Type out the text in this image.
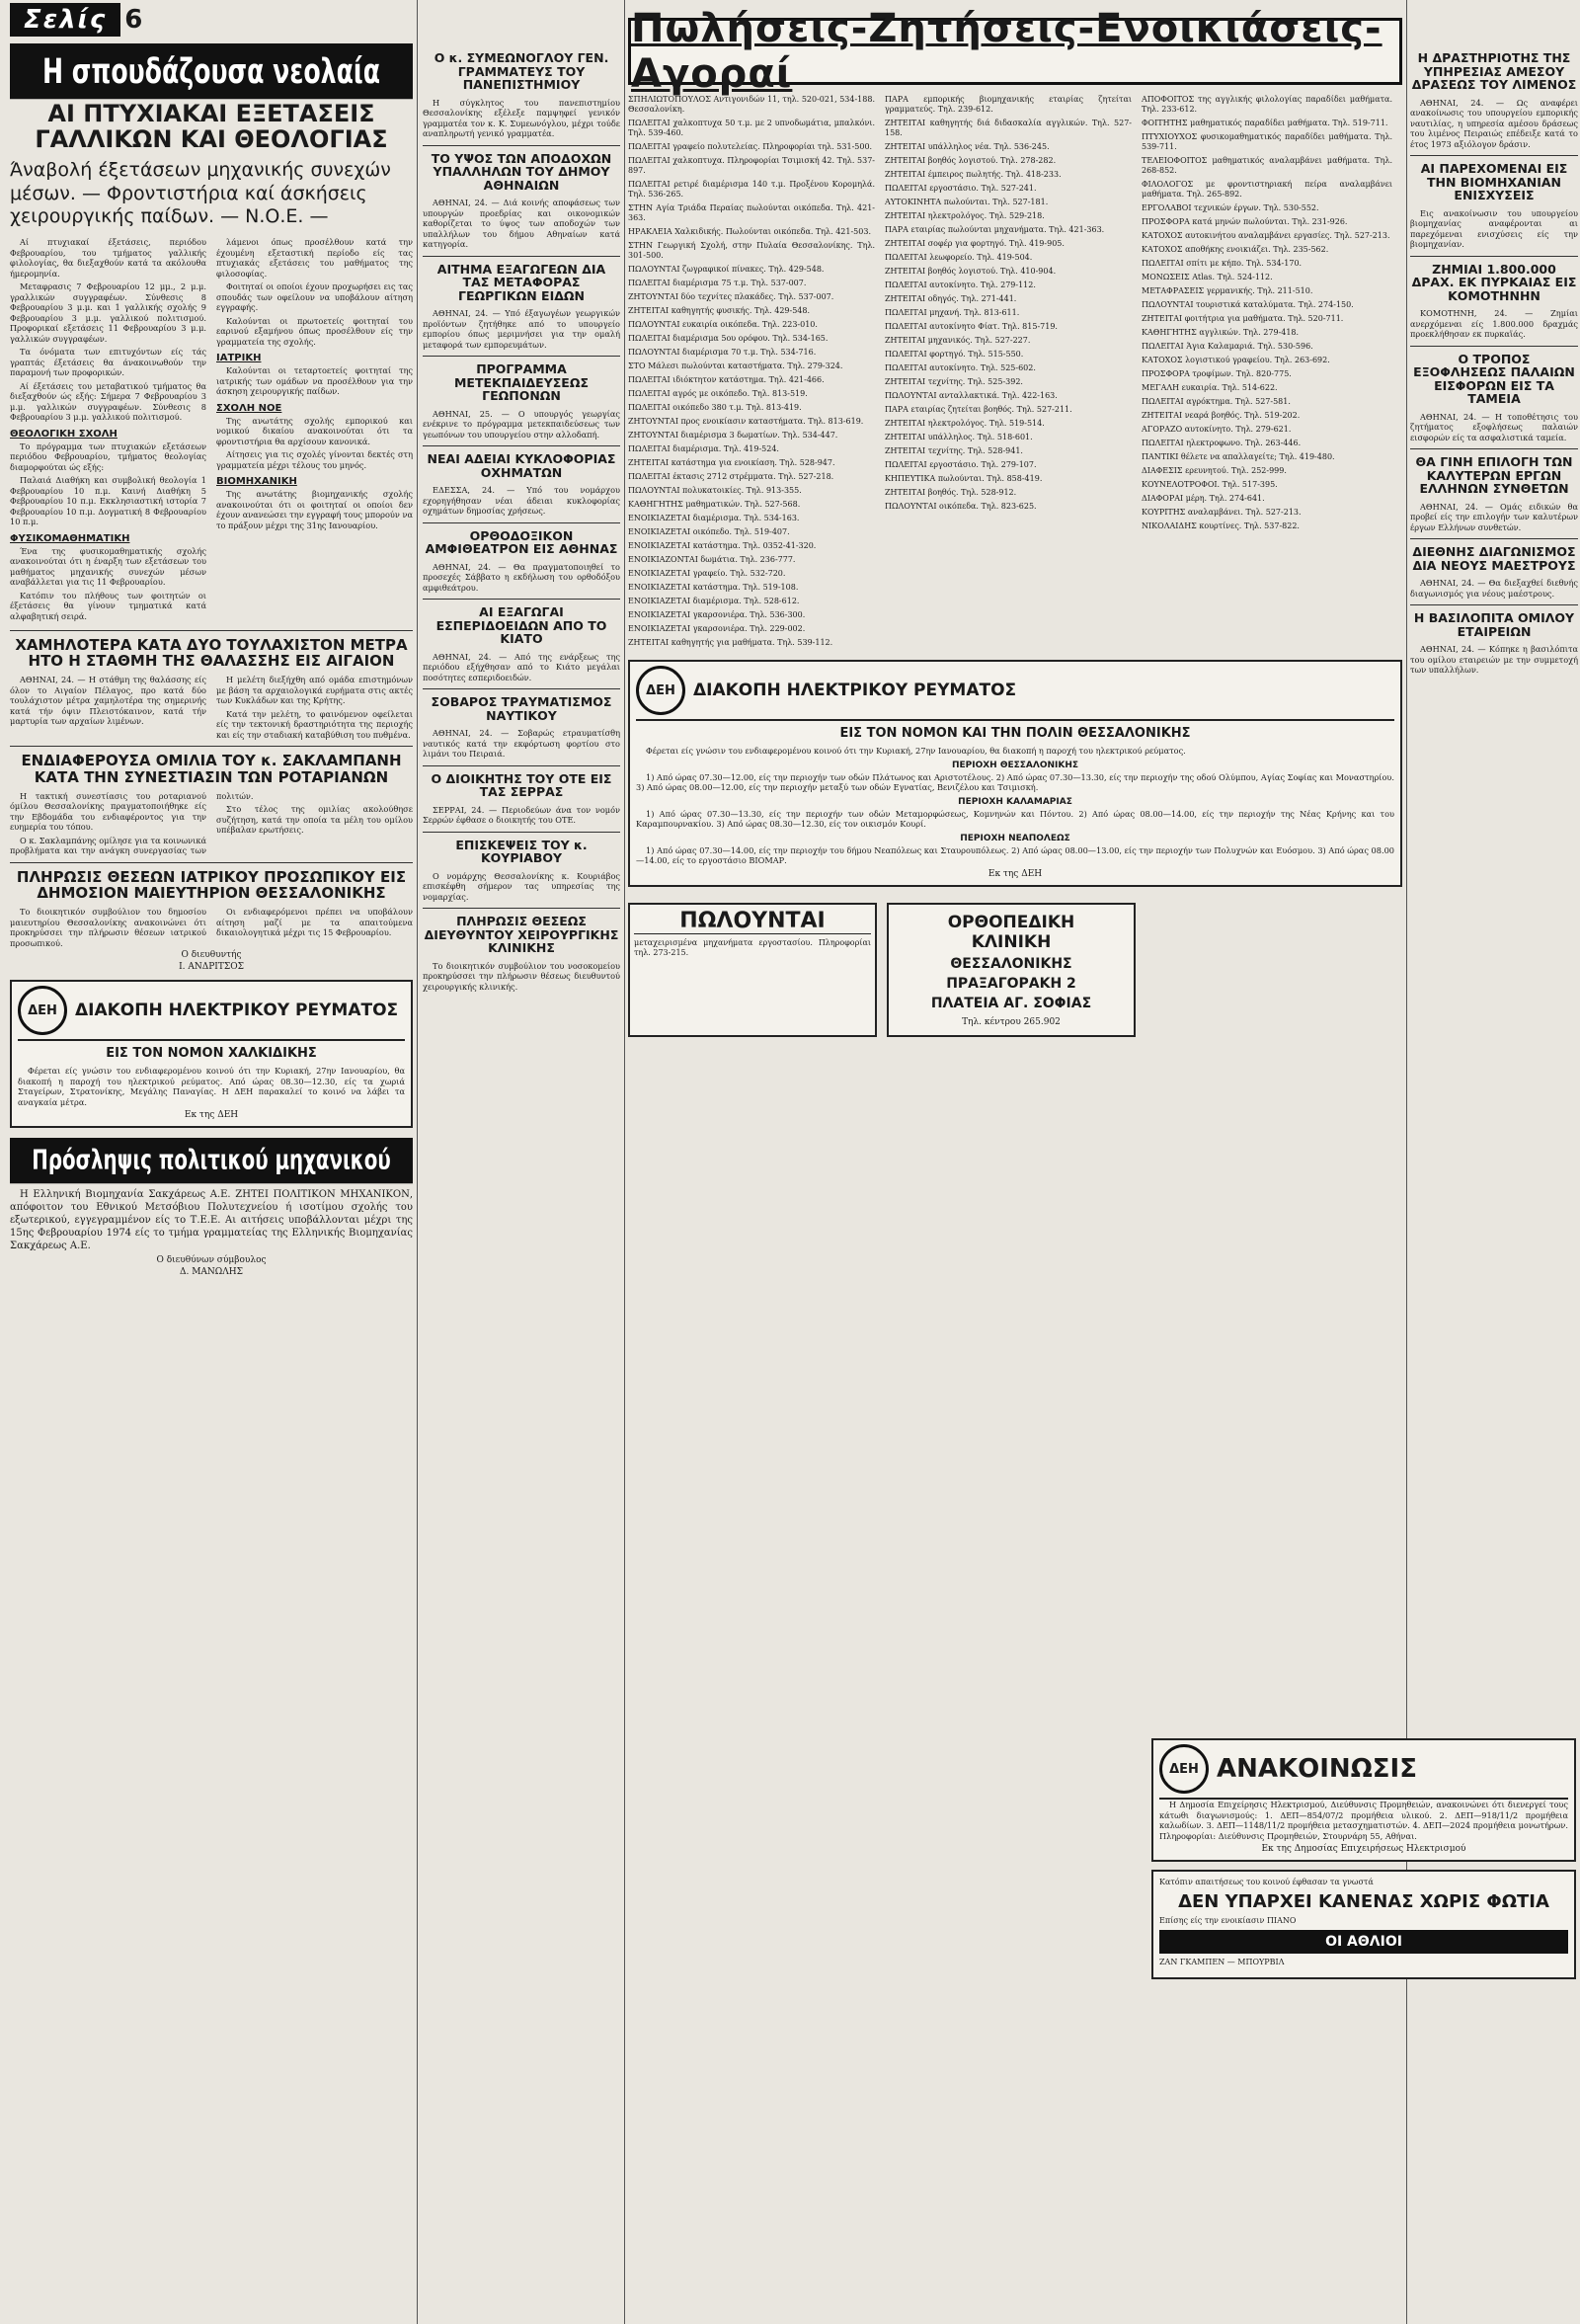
Σελίς 6
Η σπουδάζουσα νεολαία
ΑΙ ΠΤΥΧΙΑΚΑΙ ΕΞΕΤΑΣΕΙΣ ΓΑΛΛΙΚΩΝ ΚΑΙ ΘΕΟΛΟΓΙΑΣ
Άναβολή έξετάσεων μηχανικής συνεχών μέσων. — Φροντιστήρια καί άσκήσεις χειρουργικής παίδων. — Ν.Ο.Ε. —

Αί πτυχιακαί έξετάσεις, περιόδου Φεβρουαρίου, του τμήματος γαλλικής φιλολογίας, θα διεξαχθούν κατά τα ακόλουθα ήμερομηνία.

Μεταφρασις 7 Φεβρουαρίου 12 μμ., 2 μ.μ. γραλλικών συγγραφέων. Σύνθεσις 8 Φεβρουαρίου 3 μ.μ. και 1 γαλλικής σχολής 9 Φεβρουαρίου 3 μ.μ. γαλλικού πολιτισμού. Προφορικαί εξετάσεις 11 Φεβρουαρίου 3 μ.μ. γαλλικών συγγραφέων.

Τα όνόματα των επιτυχόντων είς τάς γραπτάς έξετάσεις θα άνακοινωθούν την παραμονή των προφορικών.

Αί έξετάσεις του μεταβατικού τμήματος θα διεξαχθούν ώς εξής: Σήμερα 7 Φεβρουαρίου 3 μ.μ. γαλλικών συγγραφέων. Σύνθεσις 8 Φεβρουαρίου 3 μ.μ. γαλλικού πολιτισμού.

ΘΕΟΛΟΓΙΚΗ ΣΧΟΛΗ

Το πρόγραμμα των πτυχιακών εξετάσεων περιόδου Φεβρουαρίου, τμήματος θεολογίας διαμορφούται ώς εξής:

Παλαιά Διαθήκη και συμβολική θεολογία 1 Φεβρουαρίου 10 π.μ. Καινή Διαθήκη 5 Φεβρουαρίου 10 π.μ. Εκκλησιαστική ιστορία 7 Φεβρουαρίου 10 π.μ. Δογματική 8 Φεβρουαρίου 10 π.μ.

ΦΥΣΙΚΟΜΑΘΗΜΑΤΙΚΗ

Ένα της φυσικομαθηματικής σχολής ανακοινούται ότι η έναρξη των εξετάσεων του μαθήματος μηχανικής συνεχών μέσων αναβάλλεται για τις 11 Φεβρουαρίου.

Κατόπιν του πλήθους των φοιτητών οι έξετάσεις θα γίνουν τμηματικά κατά αλφαβητική σειρά.

λάμενοι όπως προσέλθουν κατά την έχουμένη εξεταστική περίοδο είς τας πτυχιακάς εξετάσεις του μαθήματος της φιλοσοφίας.

Φοιτηταί οι οποίοι έχουν προχωρήσει εις τας σπουδάς των οφείλουν να υποβάλουν αίτηση εγγραφής.

Καλούνται οι πρωτοετείς φοιτηταί του εαρινού εξαμήνου όπως προσέλθουν είς την γραμματεία της σχολής.

ΙΑΤΡΙΚΗ

Καλούνται οι τεταρτοετείς φοιτηταί της ιατρικής των ομάδων να προσέλθουν για την άσκηση χειρουργικής παίδων.

ΣΧΟΛΗ ΝΟΕ

Της ανωτάτης σχολής εμπορικού και νομικού δικαίου ανακοινούται ότι τα φροντιστήρια θα αρχίσουν κανονικά.

Αίτησεις για τις σχολές γίνονται δεκτές στη γραμματεία μέχρι τέλους του μηνός.

ΒΙΟΜΗΧΑΝΙΚΗ

Της ανωτάτης βιομηχανικής σχολής ανακοινούται ότι οι φοιτηταί οι οποίοι δεν έχουν ανανεώσει την εγγραφή τους μπορούν να το πράξουν μέχρι της 31ης Ιανουαρίου.

ΧΑΜΗΛΟΤΕΡΑ ΚΑΤΑ ΔΥΟ ΤΟΥΛΑΧΙΣΤΟΝ ΜΕΤΡΑ ΗΤΟ Η ΣΤΑΘΜΗ ΤΗΣ ΘΑΛΑΣΣΗΣ ΕΙΣ ΑΙΓΑΙΟΝ

ΑΘΗΝΑΙ, 24. — Η στάθμη της θαλάσσης είς όλον το Αιγαίον Πέλαγος, προ κατά δύο τουλάχιστον μέτρα χαμηλοτέρα της σημερινής κατά τήν όψιν Πλειστόκαινον, κατά τήν μαρτυρία των αρχαίων λιμένων.

Η μελέτη διεξήχθη από ομάδα επιστημόνων με βάση τα αρχαιολογικά ευρήματα στις ακτές των Κυκλάδων και της Κρήτης.

Κατά την μελέτη, το φαινόμενον οφείλεται είς την τεκτονική δραστηριότητα της περιοχής και είς την σταδιακή καταβύθιση του πυθμένα.

ΕΝΔΙΑΦΕΡΟΥΣΑ ΟΜΙΛΙΑ ΤΟΥ κ. ΣΑΚΛΑΜΠΑΝΗ ΚΑΤΑ ΤΗΝ ΣΥΝΕΣΤΙΑΣΙΝ ΤΩΝ ΡΟΤΑΡΙΑΝΩΝ

Η τακτική συνεστίασις του ροταριανού όμίλου Θεσσαλονίκης πραγματοποιήθηκε είς την Εβδομάδα του ενδιαφέροντος για την ευημερία του τόπου.

Ο κ. Σακλαμπάνης ομίλησε για τα κοινωνικά προβλήματα και την ανάγκη συνεργασίας των πολιτών.

Στο τέλος της ομιλίας ακολούθησε συζήτηση, κατά την οποία τα μέλη του ομίλου υπέβαλαν ερωτήσεις.

ΠΛΗΡΩΣΙΣ ΘΕΣΕΩΝ ΙΑΤΡΙΚΟΥ ΠΡΟΣΩΠΙΚΟΥ ΕΙΣ ΔΗΜΟΣΙΟΝ ΜΑΙΕΥΤΗΡΙΟΝ ΘΕΣΣΑΛΟΝΙΚΗΣ

Το διοικητικόν συμβούλιον του δημοσίου μαιευτηρίου Θεσσαλονίκης ανακοινώνει ότι προκηρύσσει την πλήρωσιν θέσεων ιατρικού προσωπικού.

Οι ενδιαφερόμενοι πρέπει να υποβάλουν αίτηση μαζί με τα απαιτούμενα δικαιολογητικά μέχρι τις 15 Φεβρουαρίου.

Ο διευθυντής
Ι. ΑΝΔΡΙΤΣΟΣ
ΔΕΗ	ΔΙΑΚΟΠΗ ΗΛΕΚΤΡΙΚΟΥ ΡΕΥΜΑΤΟΣ
ΕΙΣ ΤΟΝ ΝΟΜΟΝ ΧΑΛΚΙΔΙΚΗΣ

Φέρεται είς γνώσιν του ενδιαφερομένου κοινού ότι την Κυριακή, 27ην Ιανουαρίου, θα διακοπή η παροχή του ηλεκτρικού ρεύματος. Από ώρας 08.30—12.30, είς τα χωριά Σταγείρων, Στρατονίκης, Μεγάλης Παναγίας. Η ΔΕΗ παρακαλεί το κοινό να λάβει τα αναγκαία μέτρα.

Εκ της ΔΕΗ
Πρόσληψις πολιτικού μηχανικού

Η Ελληνική Βιομηχανία Σακχάρεως Α.Ε. ΖΗΤΕΙ ΠΟΛΙΤΙΚΟΝ ΜΗΧΑΝΙΚΟΝ, απόφοιτον του Εθνικού Μετσόβιου Πολυτεχνείου ή ισοτίμου σχολής του εξωτερικού, εγγεγραμμένον είς το Τ.Ε.Ε. Αι αιτήσεις υποβάλλονται μέχρι της 15ης Φεβρουαρίου 1974 είς το τμήμα γραμματείας της Ελληνικής Βιομηχανίας Σακχάρεως Α.Ε.

Ο διευθύνων σύμβουλος
Δ. ΜΑΝΩΛΗΣ
Ο κ. ΣΥΜΕΩΝΟΓΛΟΥ ΓΕΝ. ΓΡΑΜΜΑΤΕΥΣ ΤΟΥ ΠΑΝΕΠΙΣΤΗΜΙΟΥ

Η σύγκλητος του πανεπιστημίου Θεσσαλονίκης εξέλεξε παμψηφεί γενικόν γραμματέα τον κ. Κ. Συμεωνόγλου, μέχρι τούδε αναπληρωτή γενικό γραμματέα.

ΤΟ ΥΨΟΣ ΤΩΝ ΑΠΟΔΟΧΩΝ ΥΠΑΛΛΗΛΩΝ ΤΟΥ ΔΗΜΟΥ ΑΘΗΝΑΙΩΝ

ΑΘΗΝΑΙ, 24. — Διά κοινής αποφάσεως των υπουργών προεδρίας και οικονομικών καθορίζεται το ύψος των αποδοχών των υπαλλήλων του δήμου Αθηναίων κατά κατηγορία.

ΑΙΤΗΜΑ ΕΞΑΓΩΓΕΩΝ ΔΙΑ ΤΑΣ ΜΕΤΑΦΟΡΑΣ ΓΕΩΡΓΙΚΩΝ ΕΙΔΩΝ

ΑΘΗΝΑΙ, 24. — Υπό έξαγωγέων γεωργικών προϊόντων ζητήθηκε από το υπουργείο εμπορίου όπως μεριμνήσει για την ομαλή μεταφορά των εμπορευμάτων.

ΠΡΟΓΡΑΜΜΑ ΜΕΤΕΚΠΑΙΔΕΥΣΕΩΣ ΓΕΩΠΟΝΩΝ

ΑΘΗΝΑΙ, 25. — Ο υπουργός γεωργίας ενέκρινε το πρόγραμμα μετεκπαιδεύσεως των γεωπόνων του υπουργείου στην αλλοδαπή.

ΝΕΑΙ ΑΔΕΙΑΙ ΚΥΚΛΟΦΟΡΙΑΣ ΟΧΗΜΑΤΩΝ

ΕΔΕΣΣΑ, 24. — Υπό του νομάρχου εχορηγήθησαν νέαι άδειαι κυκλοφορίας οχημάτων δημοσίας χρήσεως.

ΟΡΘΟΔΟΞΙΚΟΝ ΑΜΦΙΘΕΑΤΡΟΝ ΕΙΣ ΑΘΗΝΑΣ

ΑΘΗΝΑΙ, 24. — Θα πραγματοποιηθεί το προσεχές Σάββατο η εκδήλωση του ορθοδόξου αμφιθεάτρου.

ΑΙ ΕΞΑΓΩΓΑΙ ΕΣΠΕΡΙΔΟΕΙΔΩΝ ΑΠΟ ΤΟ ΚΙΑΤΟ

ΑΘΗΝΑΙ, 24. — Από της ενάρξεως της περιόδου εξήχθησαν από το Κιάτο μεγάλαι ποσότητες εσπεριδοειδών.

ΣΟΒΑΡΟΣ ΤΡΑΥΜΑΤΙΣΜΟΣ ΝΑΥΤΙΚΟΥ

ΑΘΗΝΑΙ, 24. — Σοβαρώς ετραυματίσθη ναυτικός κατά την εκφόρτωση φορτίου στο λιμάνι του Πειραιά.

Ο ΔΙΟΙΚΗΤΗΣ ΤΟΥ ΟΤΕ ΕΙΣ ΤΑΣ ΣΕΡΡΑΣ

ΣΕΡΡΑΙ, 24. — Περιοδεύων άνα τον νομόν Σερρών έφθασε ο διοικητής του ΟΤΕ.

ΕΠΙΣΚΕΨΕΙΣ ΤΟΥ κ. ΚΟΥΡΙΑΒΟΥ

Ο νομάρχης Θεσσαλονίκης κ. Κουριάβος επισκέφθη σήμερον τας υπηρεσίας της νομαρχίας.

ΠΛΗΡΩΣΙΣ ΘΕΣΕΩΣ ΔΙΕΥΘΥΝΤΟΥ ΧΕΙΡΟΥΡΓΙΚΗΣ ΚΛΙΝΙΚΗΣ

Το διοικητικόν συμβούλιον του νοσοκομείου προκηρύσσει την πλήρωσιν θέσεως διευθυντού χειρουργικής κλινικής.

Πωλήσεις-Ζητήσεις-Ενοικιάσεις-Αγοραί
ΣΠΗΛΙΩΤΟΠΟΥΛΟΣ Αντιγονιδών 11, τηλ. 520-021, 534-188. Θεσσαλονίκη.
ΠΩΛΕΙΤΑΙ χαλκοπτυχα 50 τ.μ. με 2 υπνοδωμάτια, μπαλκόνι. Τηλ. 539-460.
ΠΩΛΕΙΤΑΙ γραφείο πολυτελείας. Πληροφορίαι τηλ. 531-500.
ΠΩΛΕΙΤΑΙ χαλκοπτυχα. Πληροφορίαι Τσιμισκή 42. Τηλ. 537-897.
ΠΩΛΕΙΤΑΙ ρετιρέ διαμέρισμα 140 τ.μ. Προξένου Κορομηλά. Τηλ. 536-265.
ΣΤΗΝ Αγία Τριάδα Περαίας πωλούνται οικόπεδα. Τηλ. 421-363.
ΗΡΑΚΛΕΙΑ Χαλκιδικής. Πωλούνται οικόπεδα. Τηλ. 421-503.
ΣΤΗΝ Γεωργική Σχολή, στην Πυλαία Θεσσαλονίκης. Τηλ. 301-500.
ΠΩΛΟΥΝΤΑΙ ζωγραφικοί πίνακες. Τηλ. 429-548.
ΠΩΛΕΙΤΑΙ διαμέρισμα 75 τ.μ. Τηλ. 537-007.
ΖΗΤΟΥΝΤΑΙ δύο τεχνίτες πλακάδες. Τηλ. 537-007.
ΖΗΤΕΙΤΑΙ καθηγητής φυσικής. Τηλ. 429-548.
ΠΩΛΟΥΝΤΑΙ ευκαιρία οικόπεδα. Τηλ. 223-010.
ΠΩΛΕΙΤΑΙ διαμέρισμα 5ου ορόφου. Τηλ. 534-165.
ΠΩΛΟΥΝΤΑΙ διαμέρισμα 70 τ.μ. Τηλ. 534-716.
ΣΤΟ Μάλεσι πωλούνται καταστήματα. Τηλ. 279-324.
ΠΩΛΕΙΤΑΙ ιδιόκτητον κατάστημα. Τηλ. 421-466.
ΠΩΛΕΙΤΑΙ αγρός με οικόπεδο. Τηλ. 813-519.
ΠΩΛΕΙΤΑΙ οικόπεδο 380 τ.μ. Τηλ. 813-419.
ΖΗΤΟΥΝΤΑΙ προς ενοικίασιν καταστήματα. Τηλ. 813-619.
ΖΗΤΟΥΝΤΑΙ διαμέρισμα 3 δωματίων. Τηλ. 534-447.
ΠΩΛΕΙΤΑΙ διαμέρισμα. Τηλ. 419-524.
ΖΗΤΕΙΤΑΙ κατάστημα για ενοικίαση. Τηλ. 528-947.
ΠΩΛΕΙΤΑΙ έκτασις 2712 στρέμματα. Τηλ. 527-218.
ΠΩΛΟΥΝΤΑΙ πολυκατοικίες. Τηλ. 913-355.
ΚΑΘΗΓΗΤΗΣ μαθηματικών. Τηλ. 527-568.
ΕΝΟΙΚΙΑΖΕΤΑΙ διαμέρισμα. Τηλ. 534-163.
ΕΝΟΙΚΙΑΖΕΤΑΙ οικόπεδο. Τηλ. 519-407.
ΕΝΟΙΚΙΑΖΕΤΑΙ κατάστημα. Τηλ. 0352-41-320.
ΕΝΟΙΚΙΑΖΟΝΤΑΙ δωμάτια. Τηλ. 236-777.
ΕΝΟΙΚΙΑΖΕΤΑΙ γραφείο. Τηλ. 532-720.
ΕΝΟΙΚΙΑΖΕΤΑΙ κατάστημα. Τηλ. 519-108.
ΕΝΟΙΚΙΑΖΕΤΑΙ διαμέρισμα. Τηλ. 528-612.
ΕΝΟΙΚΙΑΖΕΤΑΙ γκαρσονιέρα. Τηλ. 536-300.
ΕΝΟΙΚΙΑΖΕΤΑΙ γκαρσονιέρα. Τηλ. 229-002.
ΖΗΤΕΙΤΑΙ καθηγητής για μαθήματα. Τηλ. 539-112.
ΠΑΡΑ εμπορικής βιομηχανικής εταιρίας ζητείται γραμματεύς. Τηλ. 239-612.
ΖΗΤΕΙΤΑΙ καθηγητής διά διδασκαλία αγγλικών. Τηλ. 527-158.
ΖΗΤΕΙΤΑΙ υπάλληλος νέα. Τηλ. 536-245.
ΖΗΤΕΙΤΑΙ βοηθός λογιστού. Τηλ. 278-282.
ΖΗΤΕΙΤΑΙ έμπειρος πωλητής. Τηλ. 418-233.
ΠΩΛΕΙΤΑΙ εργοστάσιο. Τηλ. 527-241.
ΑΥΤΟΚΙΝΗΤΑ πωλούνται. Τηλ. 527-181.
ΖΗΤΕΙΤΑΙ ηλεκτρολόγος. Τηλ. 529-218.
ΠΑΡΑ εταιρίας πωλούνται μηχανήματα. Τηλ. 421-363.
ΖΗΤΕΙΤΑΙ σοφέρ για φορτηγό. Τηλ. 419-905.
ΠΩΛΕΙΤΑΙ λεωφορείο. Τηλ. 419-504.
ΖΗΤΕΙΤΑΙ βοηθός λογιστού. Τηλ. 410-904.
ΠΩΛΕΙΤΑΙ αυτοκίνητο. Τηλ. 279-112.
ΖΗΤΕΙΤΑΙ οδηγός. Τηλ. 271-441.
ΠΩΛΕΙΤΑΙ μηχανή. Τηλ. 813-611.
ΠΩΛΕΙΤΑΙ αυτοκίνητο Φίατ. Τηλ. 815-719.
ΖΗΤΕΙΤΑΙ μηχανικός. Τηλ. 527-227.
ΠΩΛΕΙΤΑΙ φορτηγό. Τηλ. 515-550.
ΠΩΛΕΙΤΑΙ αυτοκίνητο. Τηλ. 525-602.
ΖΗΤΕΙΤΑΙ τεχνίτης. Τηλ. 525-392.
ΠΩΛΟΥΝΤΑΙ ανταλλακτικά. Τηλ. 422-163.
ΠΑΡΑ εταιρίας ζητείται βοηθός. Τηλ. 527-211.
ΖΗΤΕΙΤΑΙ ηλεκτρολόγος. Τηλ. 519-514.
ΖΗΤΕΙΤΑΙ υπάλληλος. Τηλ. 518-601.
ΖΗΤΕΙΤΑΙ τεχνίτης. Τηλ. 528-941.
ΠΩΛΕΙΤΑΙ εργοστάσιο. Τηλ. 279-107.
ΚΗΠΕΥΤΙΚΑ πωλούνται. Τηλ. 858-419.
ΖΗΤΕΙΤΑΙ βοηθός. Τηλ. 528-912.
ΠΩΛΟΥΝΤΑΙ οικόπεδα. Τηλ. 823-625.
ΑΠΟΦΟΙΤΟΣ της αγγλικής φιλολογίας παραδίδει μαθήματα. Τηλ. 233-612.
ΦΟΙΤΗΤΗΣ μαθηματικός παραδίδει μαθήματα. Τηλ. 519-711.
ΠΤΥΧΙΟΥΧΟΣ φυσικομαθηματικός παραδίδει μαθήματα. Τηλ. 539-711.
ΤΕΛΕΙΟΦΟΙΤΟΣ μαθηματικός αναλαμβάνει μαθήματα. Τηλ. 268-852.
ΦΙΛΟΛΟΓΟΣ με φροντιστηριακή πείρα αναλαμβάνει μαθήματα. Τηλ. 265-892.
ΕΡΓΟΛΑΒΟΙ τεχνικών έργων. Τηλ. 530-552.
ΠΡΟΣΦΟΡΑ κατά μηνών πωλούνται. Τηλ. 231-926.
ΚΑΤΟΧΟΣ αυτοκινήτου αναλαμβάνει εργασίες. Τηλ. 527-213.
ΚΑΤΟΧΟΣ αποθήκης ενοικιάζει. Τηλ. 235-562.
ΠΩΛΕΙΤΑΙ σπίτι με κήπο. Τηλ. 534-170.
ΜΟΝΩΣΕΙΣ Atlas. Τηλ. 524-112.
ΜΕΤΑΦΡΑΣΕΙΣ γερμανικής. Τηλ. 211-510.
ΠΩΛΟΥΝΤΑΙ τουριστικά καταλύματα. Τηλ. 274-150.
ΖΗΤΕΙΤΑΙ φοιτήτρια για μαθήματα. Τηλ. 520-711.
ΚΑΘΗΓΗΤΗΣ αγγλικών. Τηλ. 279-418.
ΠΩΛΕΙΤΑΙ Άγια Καλαμαριά. Τηλ. 530-596.
ΚΑΤΟΧΟΣ λογιστικού γραφείου. Τηλ. 263-692.
ΠΡΟΣΦΟΡΑ τροφίμων. Τηλ. 820-775.
ΜΕΓΑΛΗ ευκαιρία. Τηλ. 514-622.
ΠΩΛΕΙΤΑΙ αγρόκτημα. Τηλ. 527-581.
ΖΗΤΕΙΤΑΙ νεαρά βοηθός. Τηλ. 519-202.
ΑΓΟΡΑΖΟ αυτοκίνητο. Τηλ. 279-621.
ΠΩΛΕΙΤΑΙ ηλεκτροφωνο. Τηλ. 263-446.
ΠΑΝΤΙΚΙ θέλετε να απαλλαγείτε; Τηλ. 419-480.
ΔΙΑΦΕΣΙΣ ερευνητού. Τηλ. 252-999.
ΚΟΥΝΕΛΟΤΡΟΦΟΙ. Τηλ. 517-395.
ΔΙΑΦΟΡΑΙ μέρη. Τηλ. 274-641.
ΚΟΥΡΙΤΗΣ αναλαμβάνει. Τηλ. 527-213.
ΝΙΚΟΛΑΙΔΗΣ κουρτίνες. Τηλ. 537-822.
ΔΕΗ	ΔΙΑΚΟΠΗ ΗΛΕΚΤΡΙΚΟΥ ΡΕΥΜΑΤΟΣ
ΕΙΣ ΤΟΝ ΝΟΜΟΝ ΚΑΙ ΤΗΝ ΠΟΛΙΝ ΘΕΣΣΑΛΟΝΙΚΗΣ

Φέρεται είς γνώσιν του ενδιαφερομένου κοινού ότι την Κυριακή, 27ην Ιανουαρίου, θα διακοπή η παροχή του ηλεκτρικού ρεύματος.

ΠΕΡΙΟΧΗ ΘΕΣΣΑΛΟΝΙΚΗΣ

1) Από ώρας 07.30—12.00, είς την περιοχήν των οδών Πλάτωνος και Αριστοτέλους. 2) Από ώρας 07.30—13.30, είς την περιοχήν της οδού Ολύμπου, Αγίας Σοφίας και Μοναστηρίου. 3) Από ώρας 08.00—12.00, είς την περιοχήν μεταξύ των οδών Εγνατίας, Βενιζέλου και Τσιμισκή.

ΠΕΡΙΟΧΗ ΚΑΛΑΜΑΡΙΑΣ

1) Από ώρας 07.30—13.30, είς την περιοχήν των οδών Μεταμορφώσεως, Κομνηνών και Πόντου. 2) Από ώρας 08.00—14.00, είς την περιοχήν της Νέας Κρήνης και του Καραμπουρνακίου. 3) Από ώρας 08.30—12.30, είς τον οικισμόν Κουρί.

ΠΕΡΙΟΧΗ ΝΕΑΠΟΛΕΩΣ

1) Από ώρας 07.30—14.00, είς την περιοχήν του δήμου Νεαπόλεως και Σταυρουπόλεως. 2) Από ώρας 08.00—13.00, είς την περιοχήν των Πολυχνών και Ευόσμου. 3) Από ώρας 08.00—14.00, είς το εργοστάσιο ΒΙΟΜΑΡ.

Εκ της ΔΕΗ
ΠΩΛΟΥΝΤΑΙ
μεταχειρισμένα μηχανήματα εργοστασίου. Πληροφορίαι τηλ. 273-215.
ΟΡΘΟΠΕΔΙΚΗ
ΚΛΙΝΙΚΗ
ΘΕΣΣΑΛΟΝΙΚΗΣ
ΠΡΑΞΑΓΟΡΑΚΗ 2
ΠΛΑΤΕΙΑ ΑΓ. ΣΟΦΙΑΣ
Τηλ. κέντρου 265.902
Η ΔΡΑΣΤΗΡΙΟΤΗΣ ΤΗΣ ΥΠΗΡΕΣΙΑΣ ΑΜΕΣΟΥ ΔΡΑΣΕΩΣ ΤΟΥ ΛΙΜΕΝΟΣ

ΑΘΗΝΑΙ, 24. — Ως αναφέρει ανακοίνωσις του υπουργείου εμπορικής ναυτιλίας, η υπηρεσία αμέσου δράσεως του λιμένος Πειραιώς επέδειξε κατά το έτος 1973 αξιόλογον δράσιν.

ΑΙ ΠΑΡΕΧΟΜΕΝΑΙ ΕΙΣ ΤΗΝ ΒΙΟΜΗΧΑΝΙΑΝ ΕΝΙΣΧΥΣΕΙΣ

Εις ανακοίνωσιν του υπουργείου βιομηχανίας αναφέρονται αι παρεχόμεναι ενισχύσεις είς την βιομηχανίαν.

ΖΗΜΙΑΙ 1.800.000 ΔΡΑΧ. ΕΚ ΠΥΡΚΑΙΑΣ ΕΙΣ ΚΟΜΟΤΗΝΗΝ

ΚΟΜΟΤΗΝΗ, 24. — Ζημίαι ανερχόμεναι είς 1.800.000 δραχμάς προεκλήθησαν εκ πυρκαϊάς.

Ο ΤΡΟΠΟΣ ΕΞΟΦΛΗΣΕΩΣ ΠΑΛΑΙΩΝ ΕΙΣΦΟΡΩΝ ΕΙΣ ΤΑ ΤΑΜΕΙΑ

ΑΘΗΝΑΙ, 24. — Η τοποθέτησις του ζητήματος εξοφλήσεως παλαιών εισφορών είς τα ασφαλιστικά ταμεία.

ΘΑ ΓΙΝΗ ΕΠΙΛΟΓΗ ΤΩΝ ΚΑΛΥΤΕΡΩΝ ΕΡΓΩΝ ΕΛΛΗΝΩΝ ΣΥΝΘΕΤΩΝ

ΑΘΗΝΑΙ, 24. — Ομάς ειδικών θα προβεί είς την επιλογήν των καλυτέρων έργων Ελλήνων συνθετών.

ΔΙΕΘΝΗΣ ΔΙΑΓΩΝΙΣΜΟΣ ΔΙΑ ΝΕΟΥΣ ΜΑΕΣΤΡΟΥΣ

ΑΘΗΝΑΙ, 24. — Θα διεξαχθεί διεθνής διαγωνισμός για νέους μαέστρους.

Η ΒΑΣΙΛΟΠΙΤΑ ΟΜΙΛΟΥ ΕΤΑΙΡΕΙΩΝ

ΑΘΗΝΑΙ, 24. — Κόπηκε η βασιλόπιτα του ομίλου εταιρειών με την συμμετοχή των υπαλλήλων.

ΔΕΗ ΑΝΑΚΟΙΝΩΣΙΣ

Η Δημοσία Επιχείρησις Ηλεκτρισμού, Διεύθυνσις Προμηθειών, ανακοινώνει ότι διενεργεί τους κάτωθι διαγωνισμούς: 1. ΔΕΠ—854/07/2 προμήθεια υλικού. 2. ΔΕΠ—918/11/2 προμήθεια καλωδίων. 3. ΔΕΠ—1148/11/2 προμήθεια μετασχηματιστών. 4. ΔΕΠ—2024 προμήθεια μονωτήρων. Πληροφορίαι: Διεύθυνσις Προμηθειών, Στουρνάρη 55, Αθήναι.

Εκ της Δημοσίας Επιχειρήσεως Ηλεκτρισμού
Κατόπιν απαιτήσεως του κοινού έφθασαν τα γνωστά
ΔΕΝ ΥΠΑΡΧΕΙ ΚΑΝΕΝΑΣ ΧΩΡΙΣ ΦΩΤΙΑ
Επίσης είς την ενοικίασιν ΠΙΑΝΟ
ΟΙ ΑΘΛΙΟΙ
ΖΑΝ ΓΚΑΜΠΕΝ — ΜΠΟΥΡΒΙΛ
